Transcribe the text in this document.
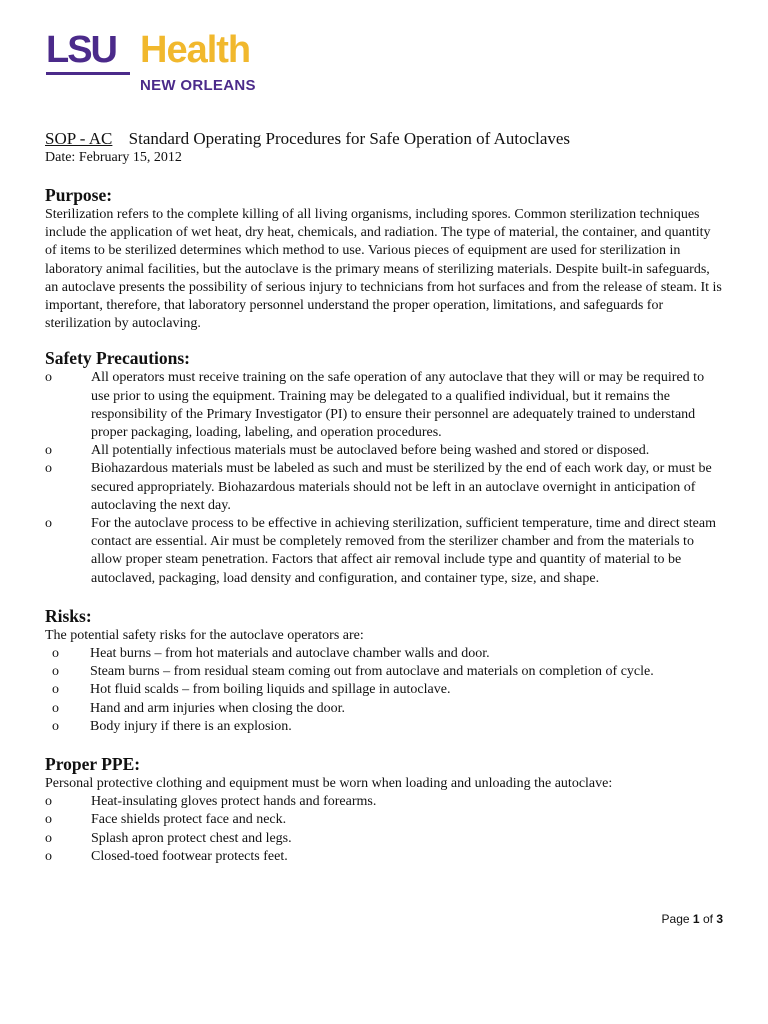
LSU Health
NEW ORLEANS
SOP - AC Standard Operating Procedures for Safe Operation of Autoclaves
Date: February 15, 2012
Purpose:

Sterilization refers to the complete killing of all living organisms, including spores. Common sterilization techniques include the application of wet heat, dry heat, chemicals, and radiation. The type of material, the container, and quantity of items to be sterilized determines which method to use. Various pieces of equipment are used for sterilization in laboratory animal facilities, but the autoclave is the primary means of sterilizing materials. Despite built-in safeguards, an autoclave presents the possibility of serious injury to technicians from hot surfaces and from the release of steam. It is important, therefore, that laboratory personnel understand the proper operation, limitations, and safeguards for sterilization by autoclaving.

Safety Precautions:
o	All operators must receive training on the safe operation of any autoclave that they will or may be required to use prior to using the equipment. Training may be delegated to a qualified individual, but it remains the responsibility of the Primary Investigator (PI) to ensure their personnel are adequately trained to understand proper packaging, loading, labeling, and operation procedures.
o	All potentially infectious materials must be autoclaved before being washed and stored or disposed.
o	Biohazardous materials must be labeled as such and must be sterilized by the end of each work day, or must be secured appropriately. Biohazardous materials should not be left in an autoclave overnight in anticipation of autoclaving the next day.
o	For the autoclave process to be effective in achieving sterilization, sufficient temperature, time and direct steam contact are essential. Air must be completely removed from the sterilizer chamber and from the materials to allow proper steam penetration. Factors that affect air removal include type and quantity of material to be autoclaved, packaging, load density and configuration, and container type, size, and shape.
Risks:

The potential safety risks for the autoclave operators are:

o Heat burns – from hot materials and autoclave chamber walls and door.
o Steam burns – from residual steam coming out from autoclave and materials on completion of cycle.
o Hot fluid scalds – from boiling liquids and spillage in autoclave.
o Hand and arm injuries when closing the door.
o Body injury if there is an explosion.
Proper PPE:

Personal protective clothing and equipment must be worn when loading and unloading the autoclave:

o	Heat-insulating gloves protect hands and forearms.
o	Face shields protect face and neck.
o	Splash apron protect chest and legs.
o	Closed-toed footwear protects feet.
Page 1 of 3
